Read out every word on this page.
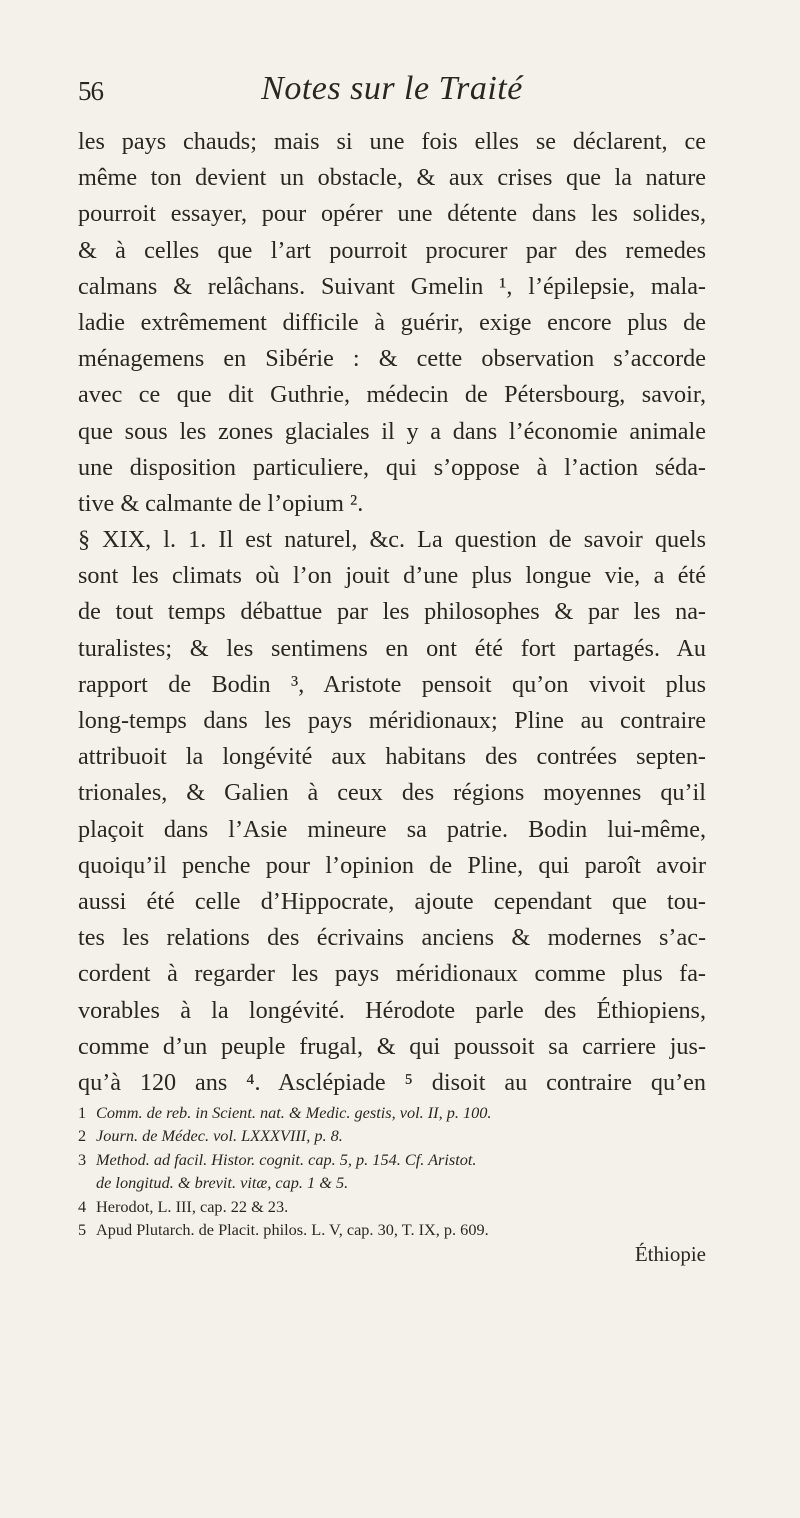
56	Notes sur le Traité
les pays chauds; mais si une fois elles se déclarent, ce
même ton devient un obstacle, & aux crises que la nature
pourroit essayer, pour opérer une détente dans les solides,
& à celles que l’art pourroit procurer par des remedes
calmans & relâchans. Suivant Gmelin ¹, l’épilepsie, mala-
ladie extrêmement difficile à guérir, exige encore plus de
ménagemens en Sibérie : & cette observation s’accorde
avec ce que dit Guthrie, médecin de Pétersbourg, savoir,
que sous les zones glaciales il y a dans l’économie animale
une disposition particuliere, qui s’oppose à l’action séda-
tive & calmante de l’opium ².
§ XIX, l. 1. Il est naturel, &c. La question de savoir quels
sont les climats où l’on jouit d’une plus longue vie, a été
de tout temps débattue par les philosophes & par les na-
turalistes; & les sentimens en ont été fort partagés. Au
rapport de Bodin ³, Aristote pensoit qu’on vivoit plus
long-temps dans les pays méridionaux; Pline au contraire
attribuoit la longévité aux habitans des contrées septen-
trionales, & Galien à ceux des régions moyennes qu’il
plaçoit dans l’Asie mineure sa patrie. Bodin lui-même,
quoiqu’il penche pour l’opinion de Pline, qui paroît avoir
aussi été celle d’Hippocrate, ajoute cependant que tou-
tes les relations des écrivains anciens & modernes s’ac-
cordent à regarder les pays méridionaux comme plus fa-
vorables à la longévité. Hérodote parle des Éthiopiens,
comme d’un peuple frugal, & qui poussoit sa carriere jus-
qu’à 120 ans ⁴. Asclépiade ⁵ disoit au contraire qu’en
1 Comm. de reb. in Scient. nat. & Medic. gestis, vol. II, p. 100.
2 Journ. de Médec. vol. LXXXVIII, p. 8.
3 Method. ad facil. Histor. cognit. cap. 5, p. 154. Cf. Aristot.
de longitud. & brevit. vitæ, cap. 1 & 5.
4 Herodot, L. III, cap. 22 & 23.
5 Apud Plutarch. de Placit. philos. L. V, cap. 30, T. IX, p. 609.
Éthiopie
